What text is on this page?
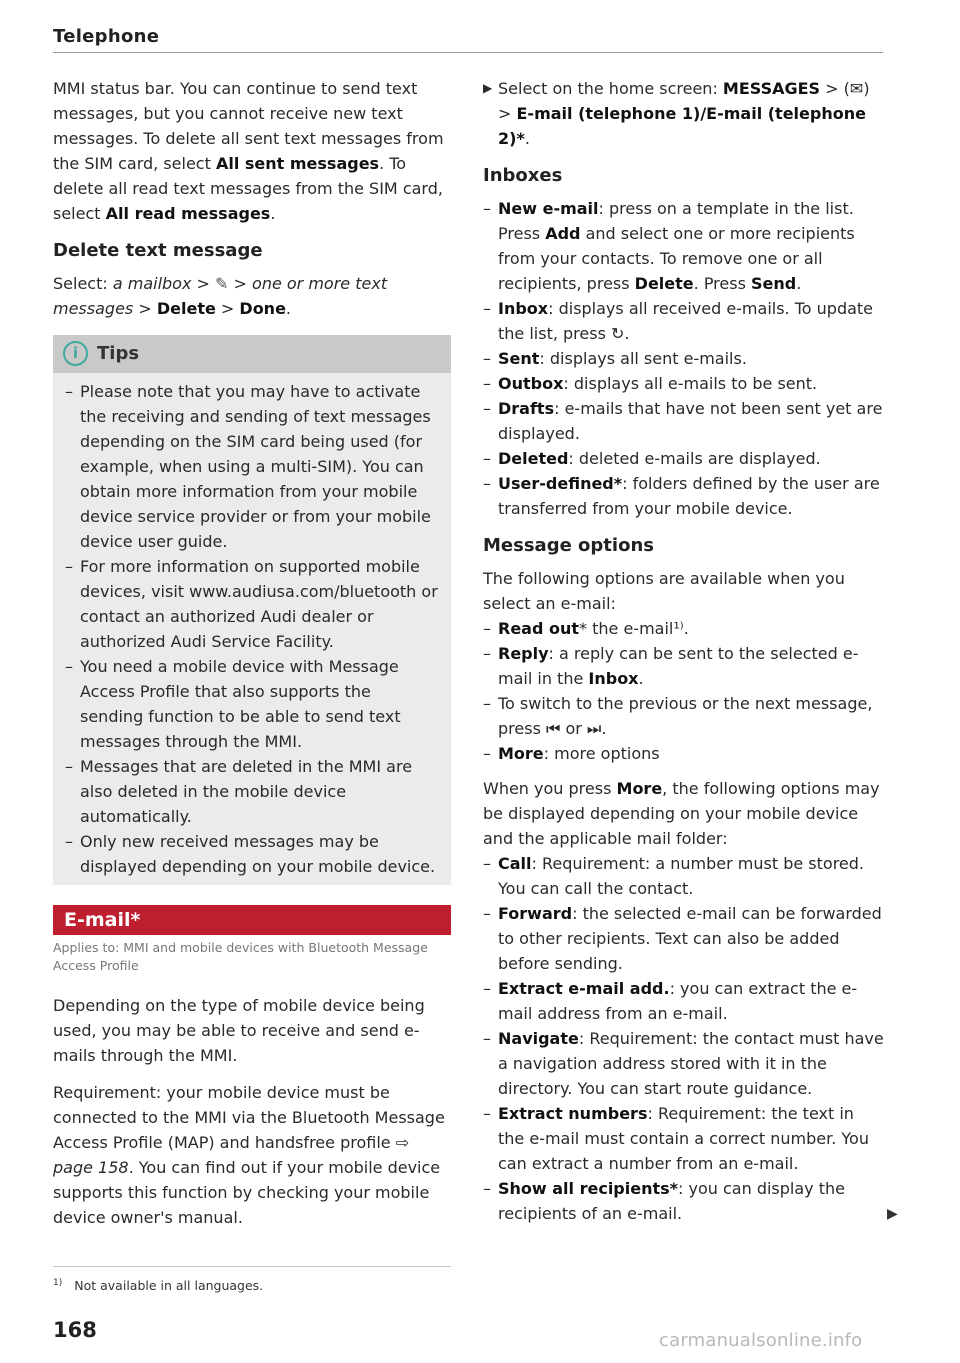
Telephone

MMI status bar. You can continue to send text messages, but you cannot receive new text messages. To delete all sent text messages from the SIM card, select All sent messages. To delete all read text messages from the SIM card, select All read messages.

Delete text message

Select: a mailbox > ✎ > one or more text messages > Delete > Done.

i	Tips
– Please note that you may have to activate the receiving and sending of text messages depending on the SIM card being used (for example, when using a multi-SIM). You can obtain more information from your mobile device service provider or from your mobile device user guide.
– For more information on supported mobile devices, visit www.audiusa.com/bluetooth or contact an authorized Audi dealer or authorized Audi Service Facility.
– You need a mobile device with Message Access Profile that also supports the sending function to be able to send text messages through the MMI.
– Messages that are deleted in the MMI are also deleted in the mobile device automatically.
– Only new received messages may be displayed depending on your mobile device.
E-mail*
Applies to: MMI and mobile devices with Bluetooth Message Access Profile

Depending on the type of mobile device being used, you may be able to receive and send e-mails through the MMI.

Requirement: your mobile device must be connected to the MMI via the Bluetooth Message Access Profile (MAP) and handsfree profile ⇨ page 158. You can find out if your mobile device supports this function by checking your mobile device owner's manual.

▶ Select on the home screen: MESSAGES > (✉) > E-mail (telephone 1)/E-mail (telephone 2)*.
Inboxes
– New e-mail: press on a template in the list. Press Add and select one or more recipients from your contacts. To remove one or all recipients, press Delete. Press Send.
– Inbox: displays all received e-mails. To update the list, press ↻.
– Sent: displays all sent e-mails.
– Outbox: displays all e-mails to be sent.
– Drafts: e-mails that have not been sent yet are displayed.
– Deleted: deleted e-mails are displayed.
– User-defined*: folders defined by the user are transferred from your mobile device.
Message options

The following options are available when you select an e-mail:

– Read out* the e-mail¹⁾.
– Reply: a reply can be sent to the selected e-mail in the Inbox.
– To switch to the previous or the next message, press ⏮ or ⏭.
– More: more options

When you press More, the following options may be displayed depending on your mobile device and the applicable mail folder:

– Call: Requirement: a number must be stored. You can call the contact.
– Forward: the selected e-mail can be forwarded to other recipients. Text can also be added before sending.
– Extract e-mail add.: you can extract the e-mail address from an e-mail.
– Navigate: Requirement: the contact must have a navigation address stored with it in the directory. You can start route guidance.
– Extract numbers: Requirement: the text in the e-mail must contain a correct number. You can extract a number from an e-mail.
– Show all recipients*: you can display the recipients of an e-mail.	▶
$^{1)}$ Not available in all languages.
168	carmanualsonline.info
